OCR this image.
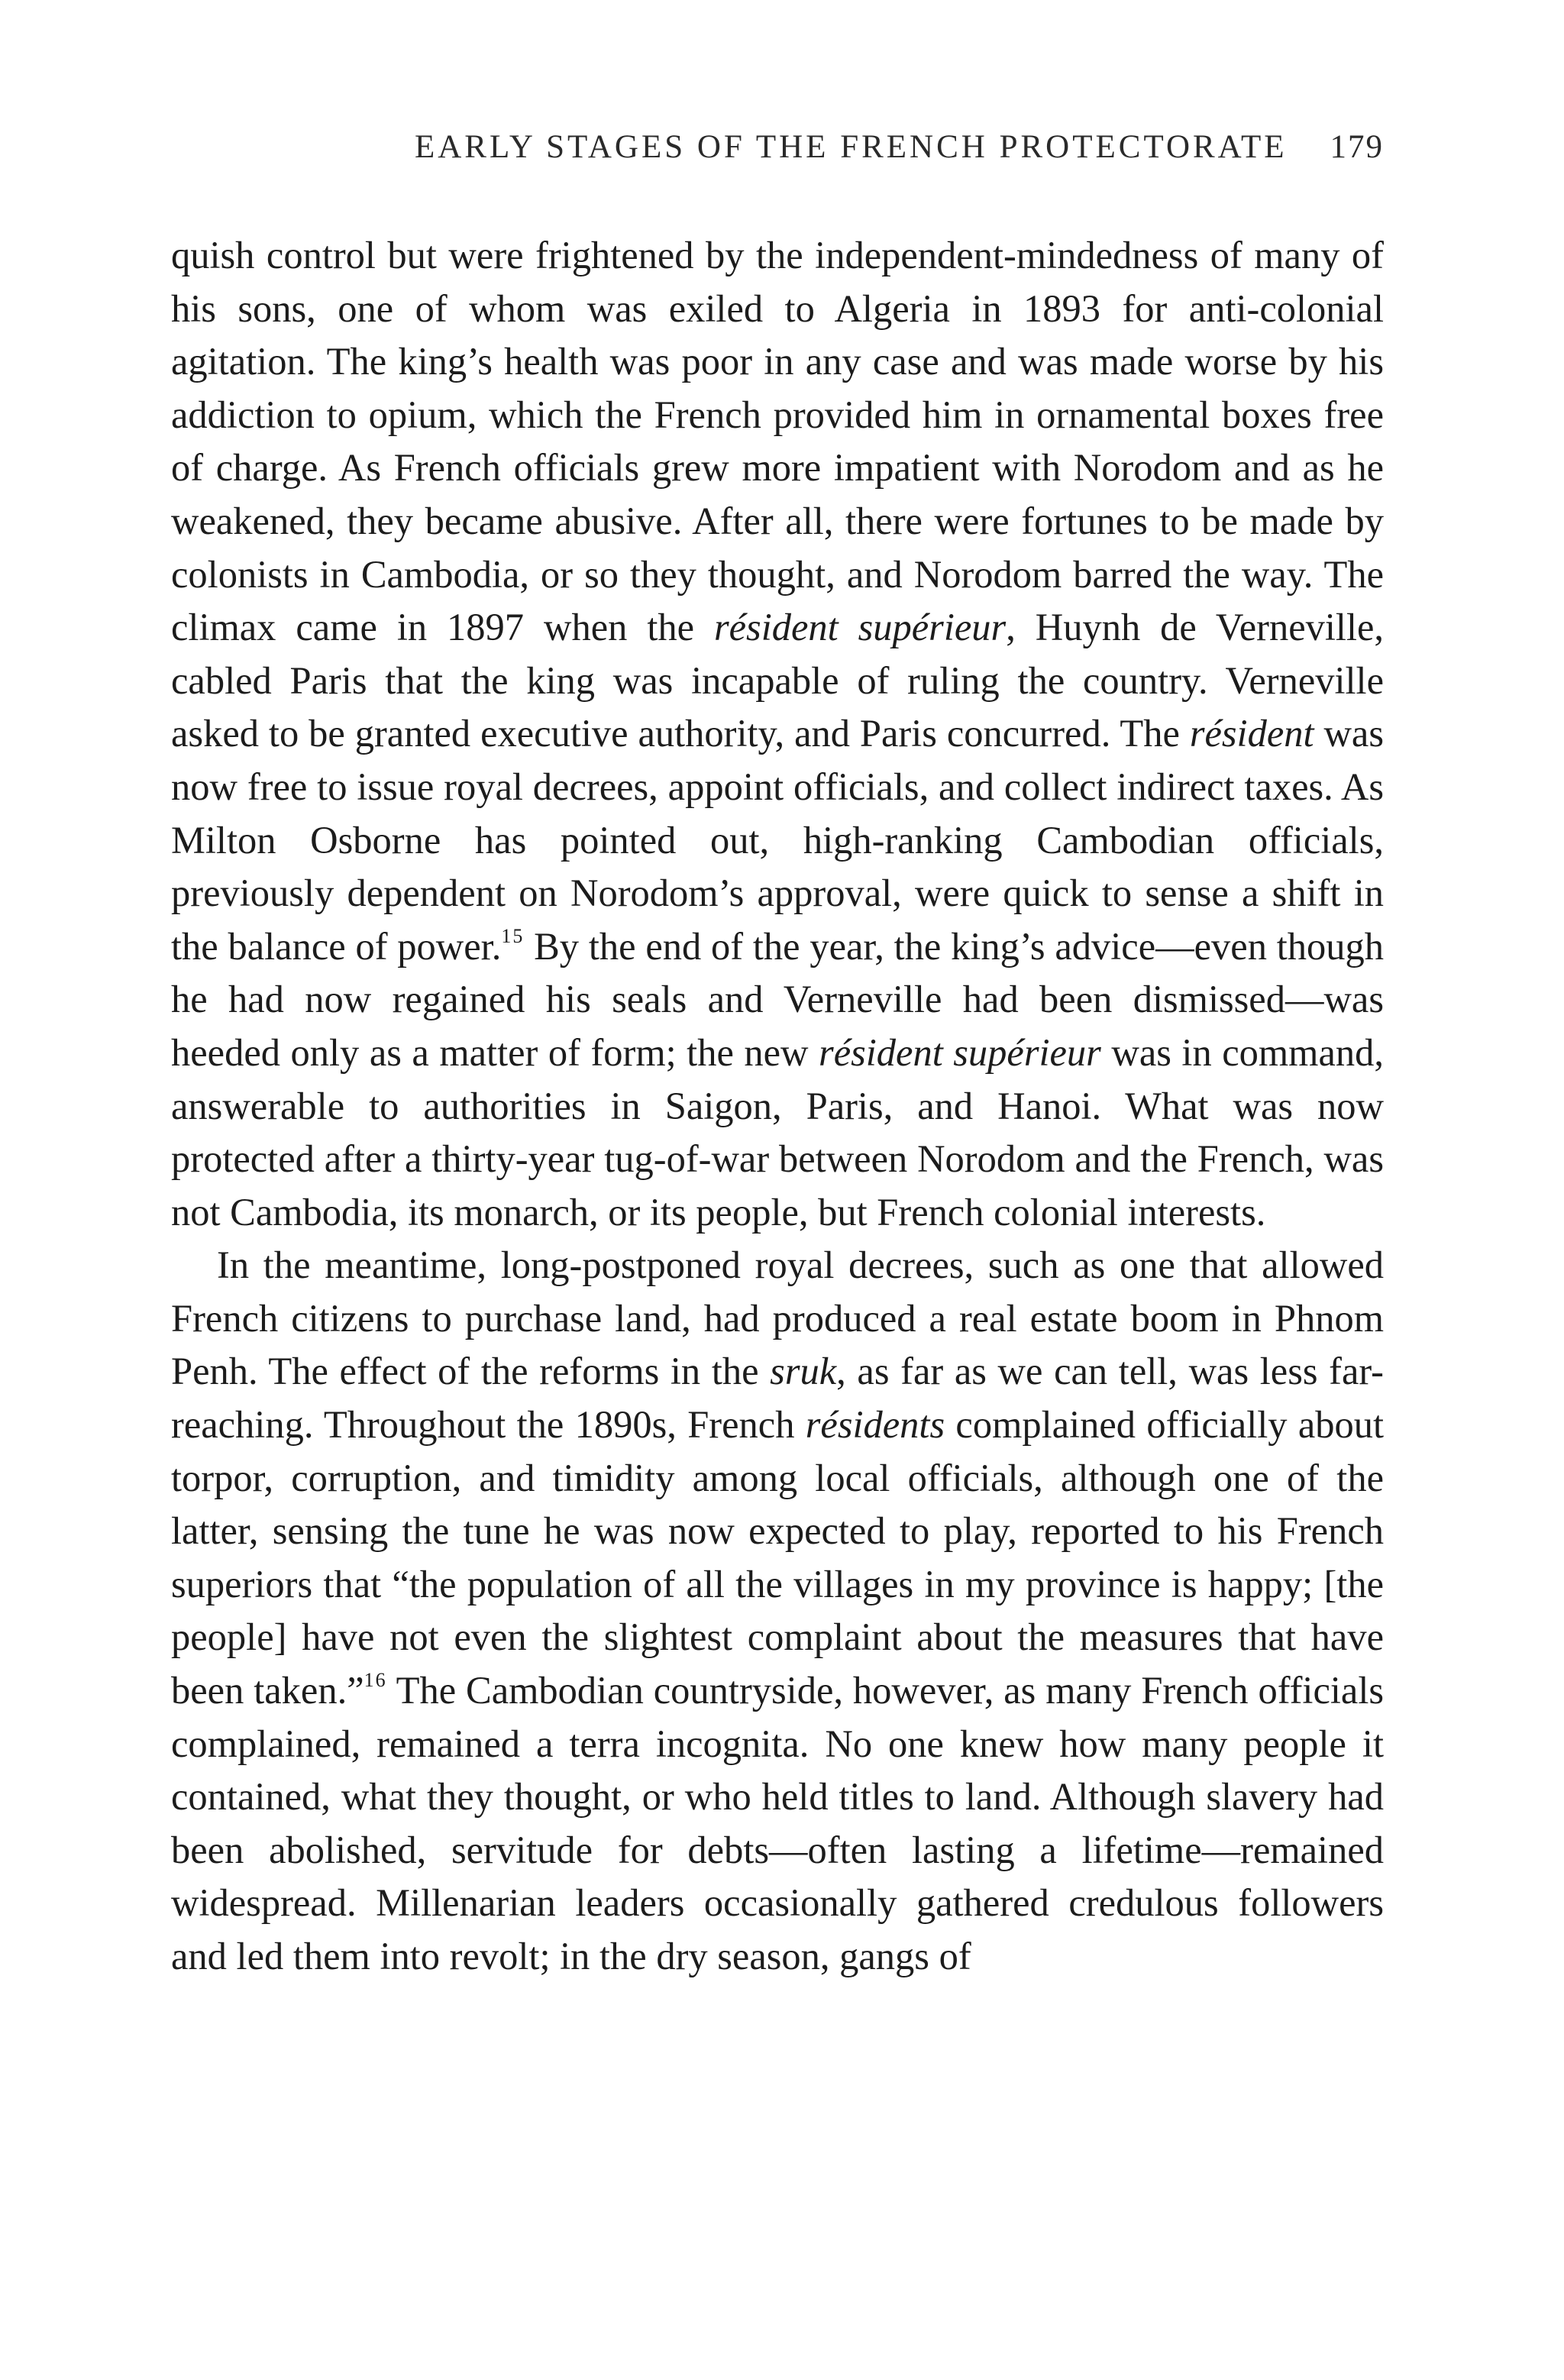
EARLY STAGES OF THE FRENCH PROTECTORATE 179

quish control but were frightened by the independent-mindedness of many of his sons, one of whom was exiled to Algeria in 1893 for anti-colonial agitation. The king’s health was poor in any case and was made worse by his addiction to opium, which the French provided him in ornamental boxes free of charge. As French officials grew more impatient with Norodom and as he weakened, they became abusive. After all, there were fortunes to be made by colonists in Cambodia, or so they thought, and Norodom barred the way. The climax came in 1897 when the résident supérieur, Huynh de Verneville, cabled Paris that the king was incapable of ruling the country. Verneville asked to be granted executive authority, and Paris concurred. The résident was now free to issue royal decrees, appoint officials, and collect indirect taxes. As Milton Osborne has pointed out, high-ranking Cambodian officials, previously dependent on Norodom’s approval, were quick to sense a shift in the balance of power.$^{15}$ By the end of the year, the king’s advice—even though he had now regained his seals and Verneville had been dismissed—was heeded only as a matter of form; the new résident supérieur was in command, answerable to authorities in Saigon, Paris, and Hanoi. What was now protected after a thirty-year tug-of-war between Norodom and the French, was not Cambodia, its monarch, or its people, but French colonial interests.

In the meantime, long-postponed royal decrees, such as one that allowed French citizens to purchase land, had produced a real estate boom in Phnom Penh. The effect of the reforms in the sruk, as far as we can tell, was less far-reaching. Throughout the 1890s, French résidents complained officially about torpor, corruption, and timidity among local officials, although one of the latter, sensing the tune he was now expected to play, reported to his French superiors that “the population of all the villages in my province is happy; [the people] have not even the slightest complaint about the measures that have been taken.”$^{16}$ The Cambodian countryside, however, as many French officials complained, remained a terra incognita. No one knew how many people it contained, what they thought, or who held titles to land. Although slavery had been abolished, servitude for debts—often lasting a lifetime—remained widespread. Millenarian leaders occasionally gathered credulous followers and led them into revolt; in the dry season, gangs of
